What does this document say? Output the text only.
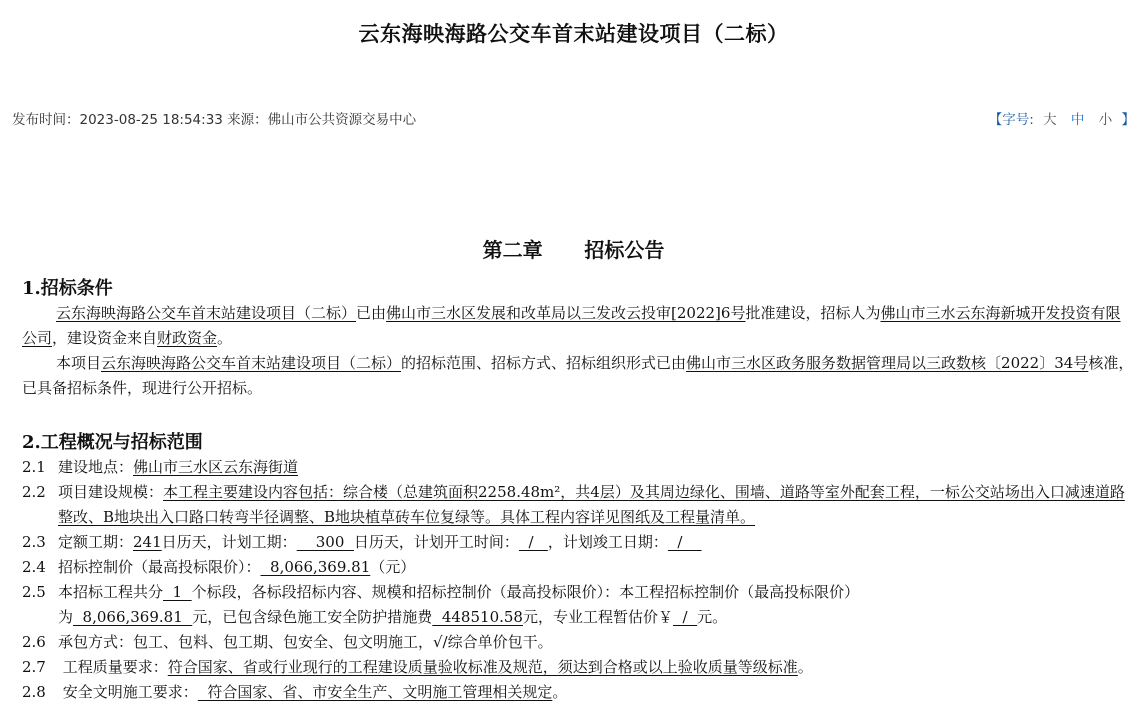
云东海映海路公交车首末站建设项目（二标）
发布时间：2023-08-25 18:54:33 来源：佛山市公共资源交易中心	【字号: 大 中 小 】
第二章      招标公告
1.招标条件

云东海映海路公交车首末站建设项目（二标）已由佛山市三水区发展和改革局以三发改云投审[2022]6号批准建设，招标人为佛山市三水云东海新城开发投资有限公司，建设资金来自财政资金。

本项目云东海映海路公交车首末站建设项目（二标）的招标范围、招标方式、招标组织形式已由佛山市三水区政务服务数据管理局以三政数核〔2022〕34号核准，已具备招标条件，现进行公开招标。

2.工程概况与招标范围
2.1 建设地点：佛山市三水区云东海街道
2.2 项目建设规模：本工程主要建设内容包括：综合楼（总建筑面积2258.48m²，共4层）及其周边绿化、围墙、道路等室外配套工程，一标公交站场出入口减速道路整改、B地块出入口路口转弯半径调整、B地块植草砖车位复绿等。具体工程内容详见图纸及工程量清单。
2.3 定额工期：241日历天，计划工期：    300  日历天，计划开工时间：  /   ，计划竣工日期：  /
2.4 招标控制价（最高投标限价）：  8,066,369.81（元）
2.5 本招标工程共分  1  个标段，各标段招标内容、规模和招标控制价（最高投标限价）：本工程招标控制价（最高投标限价）
为  8,066,369.81  元，已包含绿色施工安全防护措施费  448510.58元，专业工程暂估价￥  /  元。
2.6 承包方式：包工、包料、包工期、包安全、包文明施工，√/综合单价包干。
2.7 工程质量要求：符合国家、省或行业现行的工程建设质量验收标准及规范，须达到合格或以上验收质量等级标准。
2.8 安全文明施工要求：  符合国家、省、市安全生产、文明施工管理相关规定。
